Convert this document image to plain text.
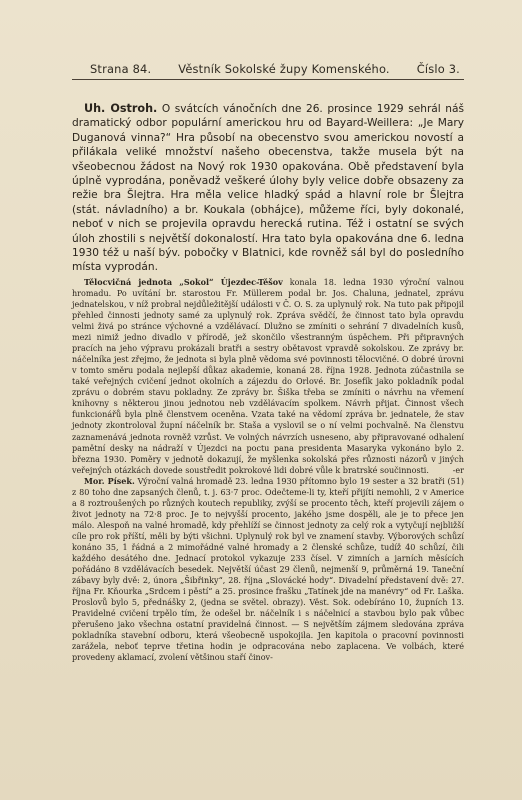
Strana 84. Věstník Sokolské župy Komenského. Číslo 3.

Uh. Ostroh. O svátcích vánočních dne 26. prosince 1929 sehrál náš dramatický odbor populární americkou hru od Bayard-Weillera: „Je Mary Duganová vinna?“ Hra působí na obecenstvo svou americkou novostí a přilákala veliké množství našeho obecenstva, takže musela být na všeobecnou žádost na Nový rok 1930 opakována. Obě představení byla úplně vyprodána, poněvadž veškeré úlohy byly velice dobře obsazeny za režie bra Šlejtra. Hra měla velice hladký spád a hlavní role br Šlejtra (stát. návladního) a br. Koukala (obhájce), můžeme říci, byly dokonalé, neboť v nich se projevila opravdu herecká rutina. Též i ostatní se svých úloh zhostili s největší dokonalostí. Hra tato byla opakována dne 6. ledna 1930 též u naší býv. pobočky v Blatnici, kde rovněž sál byl do posledního místa vyprodán.

Tělocvičná jednota „Sokol“ Újezdec-Těšov konala 18. ledna 1930 výroční valnou hromadu. Po uvítání br. starostou Fr. Müllerem podal br. Jos. Chaluna, jednatel, zprávu jednatelskou, v níž probral nejdůležitější události v Č. O. S. za uplynulý rok. Na tuto pak připojil přehled činnosti jednoty samé za uplynulý rok. Zpráva svědčí, že činnost tato byla opravdu velmi živá po stránce výchovné a vzdělávací. Dlužno se zmíniti o sehrání 7 divadelních kusů, mezi nimiž jedno divadlo v přírodě, jež skončilo všestranným úspěchem. Při připravných pracích na jeho výpravu prokázali bratři a sestry obětavost vpravdě sokolskou. Ze zprávy br. náčelníka jest zřejmo, že jednota si byla plně vědoma své povinnosti tělocvičné. O dobré úrovni v tomto směru podala nejlepší důkaz akademie, konaná 28. října 1928. Jednota zúčastnila se také veřejných cvičení jednot okolních a zájezdu do Orlové. Br. Josefík jako pokladník podal zprávu o dobrém stavu pokladny. Ze zprávy br. Šiška třeba se zmíniti o návrhu na vřemení knihovny s některou jinou jednotou neb vzdělávacím spolkem. Návrh přijat. Činnost všech funkcionářů byla plně členstvem oceněna. Vzata také na vědomí zpráva br. jednatele, že stav jednoty zkontroloval župní náčelník br. Staša a vyslovil se o ní velmi pochvalně. Na členstvu zaznamenává jednota rovněž vzrůst. Ve volných návrzích usneseno, aby připravované odhalení pamětní desky na nádraží v Újezdci na poctu pana presidenta Masaryka vykonáno bylo 2. března 1930. Poměry v jednotě dokazují, že myšlenka sokolská přes různosti názorů v jiných veřejných otázkách dovede soustředit pokrokové lidi dobré vůle k bratrské součinnosti.	-er

Mor. Písek. Výroční valná hromadě 23. ledna 1930 přítomno bylo 19 sester a 32 bratři (51) z 80 toho dne zapsaných členů, t. j. 63·7 proc. Odečteme-li ty, kteří přijíti nemohli, 2 v Americe a 8 roztroušených po různých koutech republiky, zvýší se procento těch, kteří projevili zájem o život jednoty na 72·8 proc. Je to nejvyšší procento, jakého jsme dospěli, ale je to přece jen málo. Alespoň na valné hromadě, kdy přehlíží se činnost jednoty za celý rok a vytyčují nejbližší cíle pro rok příští, měli by býti všichni. Uplynulý rok byl ve znamení stavby. Výborových schůzí konáno 35, 1 řádná a 2 mimořádné valné hromady a 2 členské schůze, tudíž 40 schůzí, čili každého desátého dne. Jednací protokol vykazuje 233 čísel. V zimních a jarních měsících pořádáno 8 vzdělávacích besedek. Největší účast 29 členů, nejmenší 9, průměrná 19. Taneční zábavy byly dvě: 2, února „Šibřinky“, 28. října „Slovácké hody“. Divadelní představení dvě: 27. října Fr. Kňourka „Srdcem i pěstí“ a 25. prosince frašku „Tatínek jde na manévry“ od Fr. Laška. Proslovů bylo 5, přednášky 2, (jedna se světel. obrazy). Věst. Sok. odebíráno 10, župních 13. Pravidelné cvičení trpělo tím, že odešel br. náčelník i s náčelnicí a stavbou bylo pak vůbec přerušeno jako všechna ostatní pravidelná činnost. — S největším zájmem sledována zpráva pokladníka stavební odboru, která všeobecně uspokojila. Jen kapitola o pracovní povinnosti zarážela, neboť teprve třetina hodin je odpracována nebo zaplacena. Ve volbách, které provedeny aklamací, zvolení většinou staří činov-
